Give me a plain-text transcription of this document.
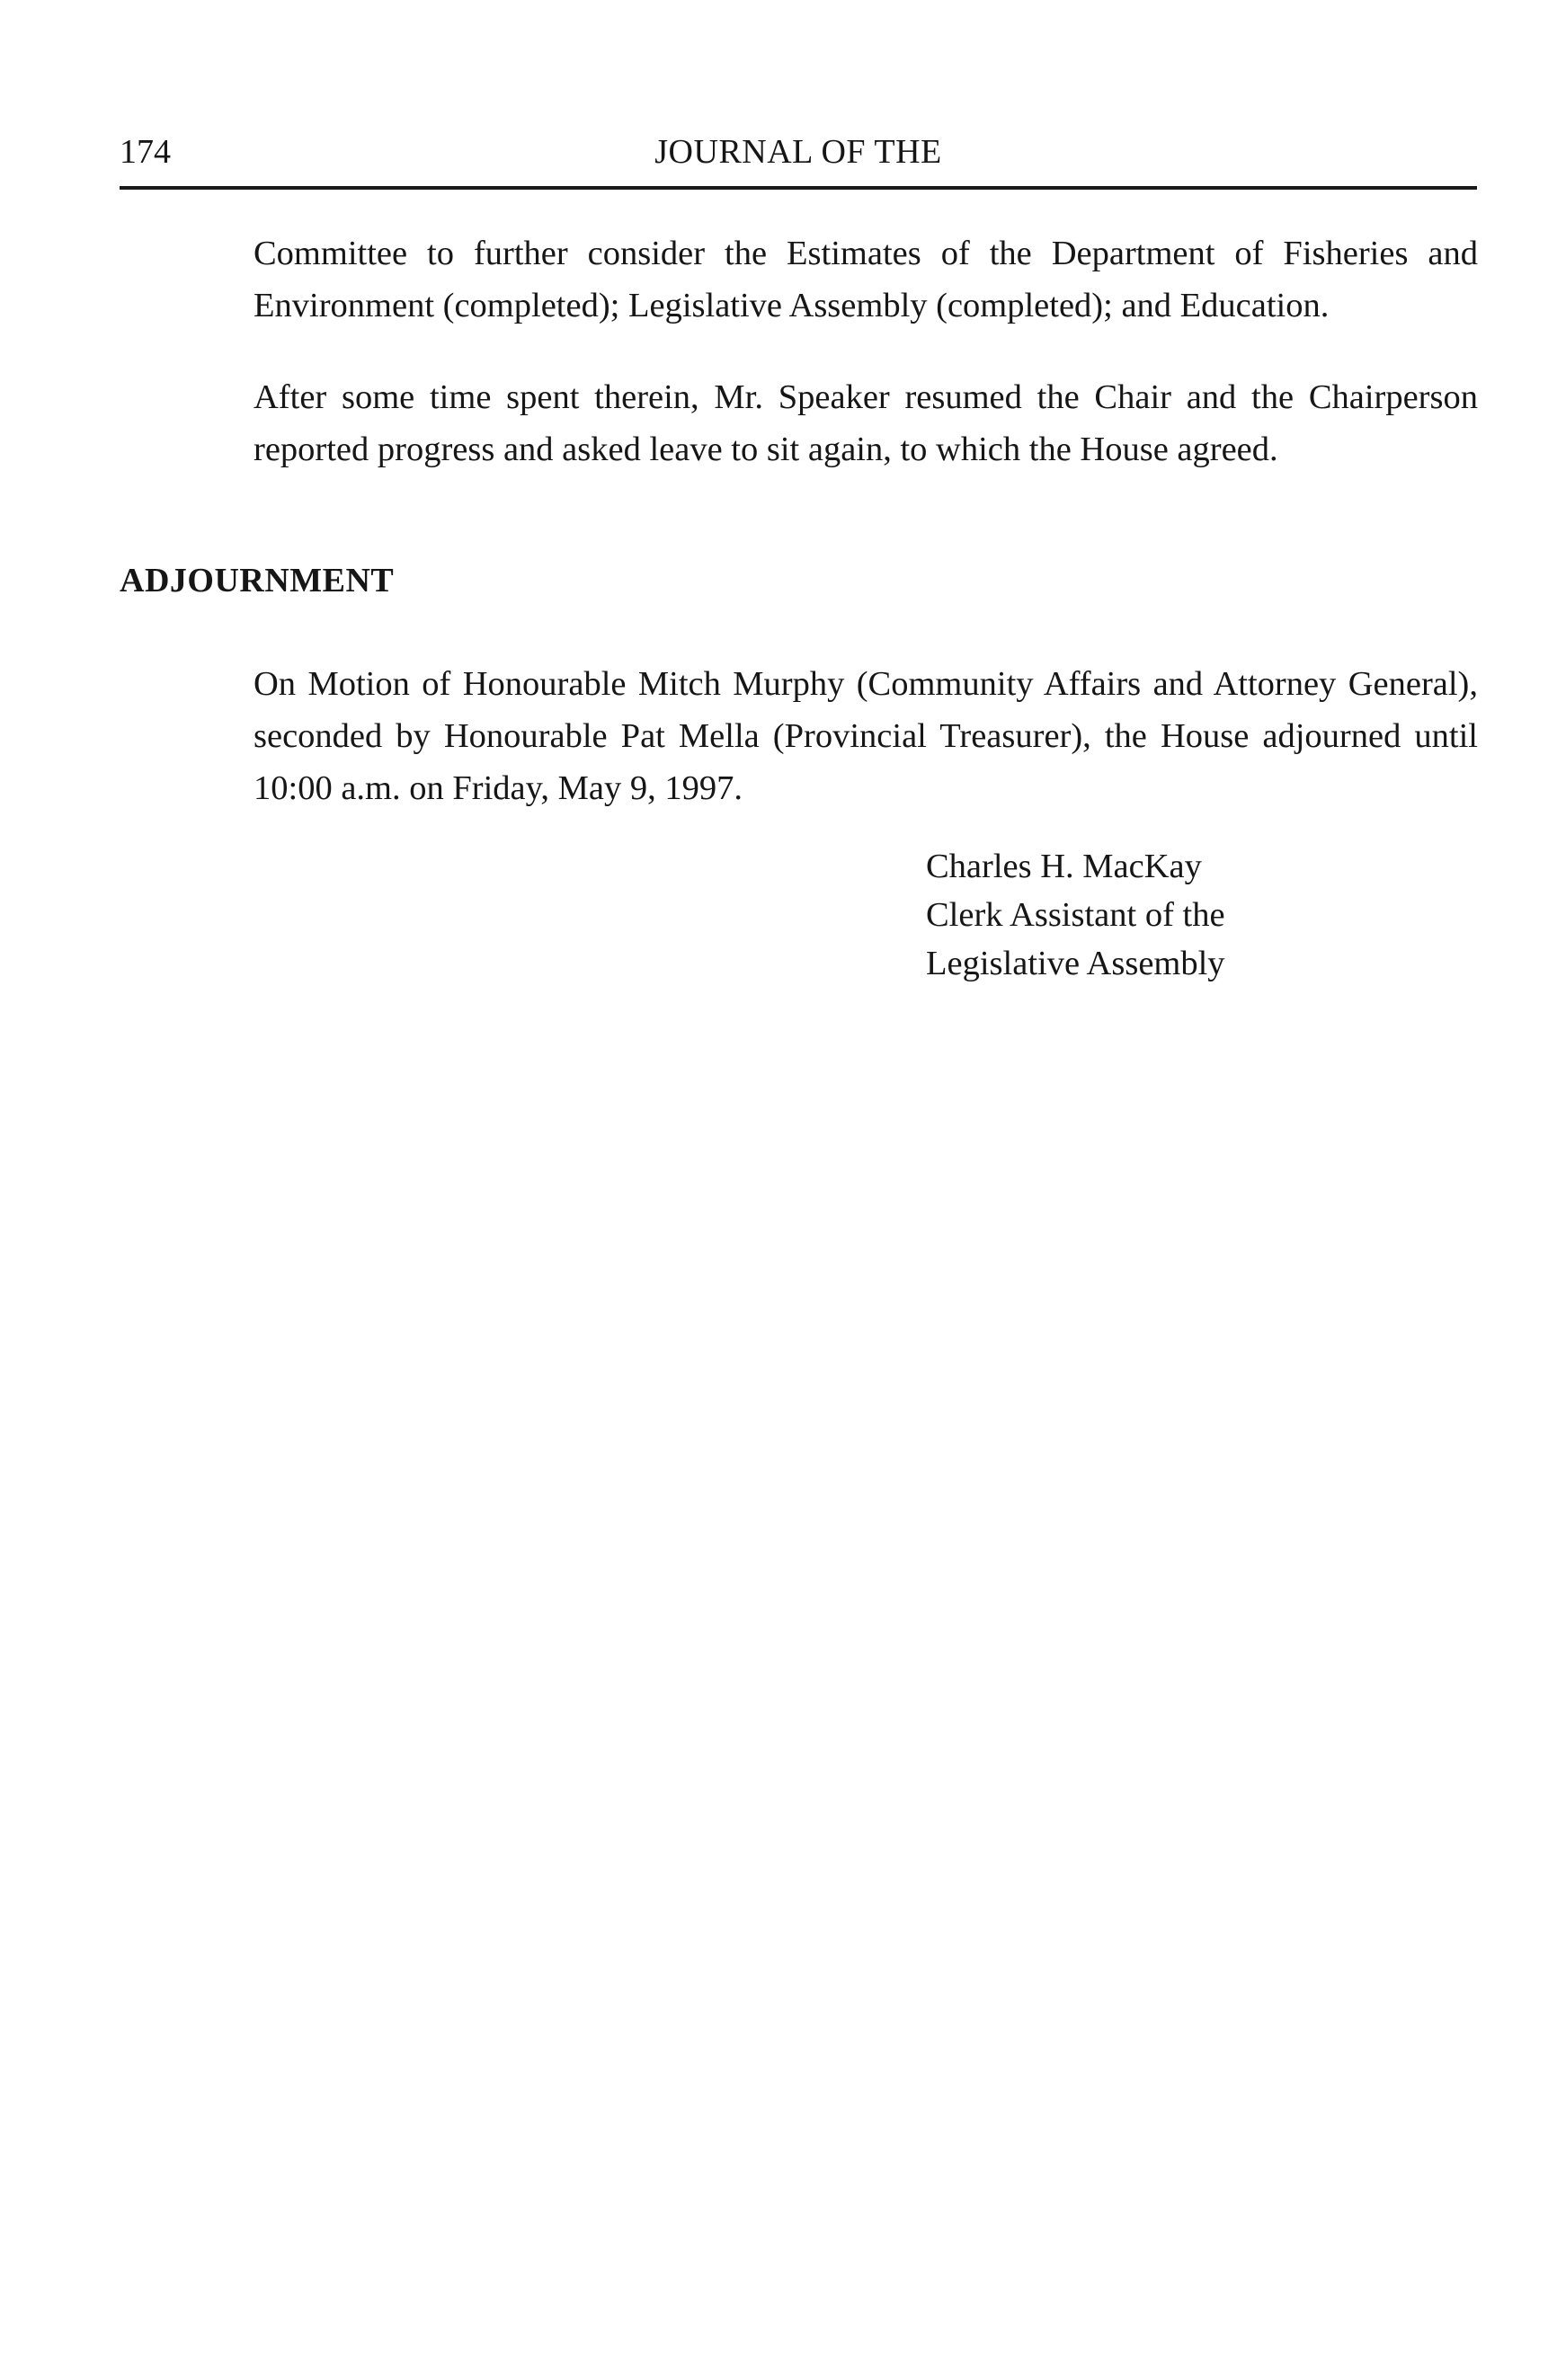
174	JOURNAL OF THE

Committee to further consider the Estimates of the Department of Fisheries and Environment (completed); Legislative Assembly (completed); and Education.

After some time spent therein, Mr. Speaker resumed the Chair and the Chairperson reported progress and asked leave to sit again, to which the House agreed.

ADJOURNMENT

On Motion of Honourable Mitch Murphy (Community Affairs and Attorney General), seconded by Honourable Pat Mella (Provincial Treasurer), the House adjourned until 10:00 a.m. on Friday, May 9, 1997.

Charles H. MacKay
Clerk Assistant of the
Legislative Assembly
